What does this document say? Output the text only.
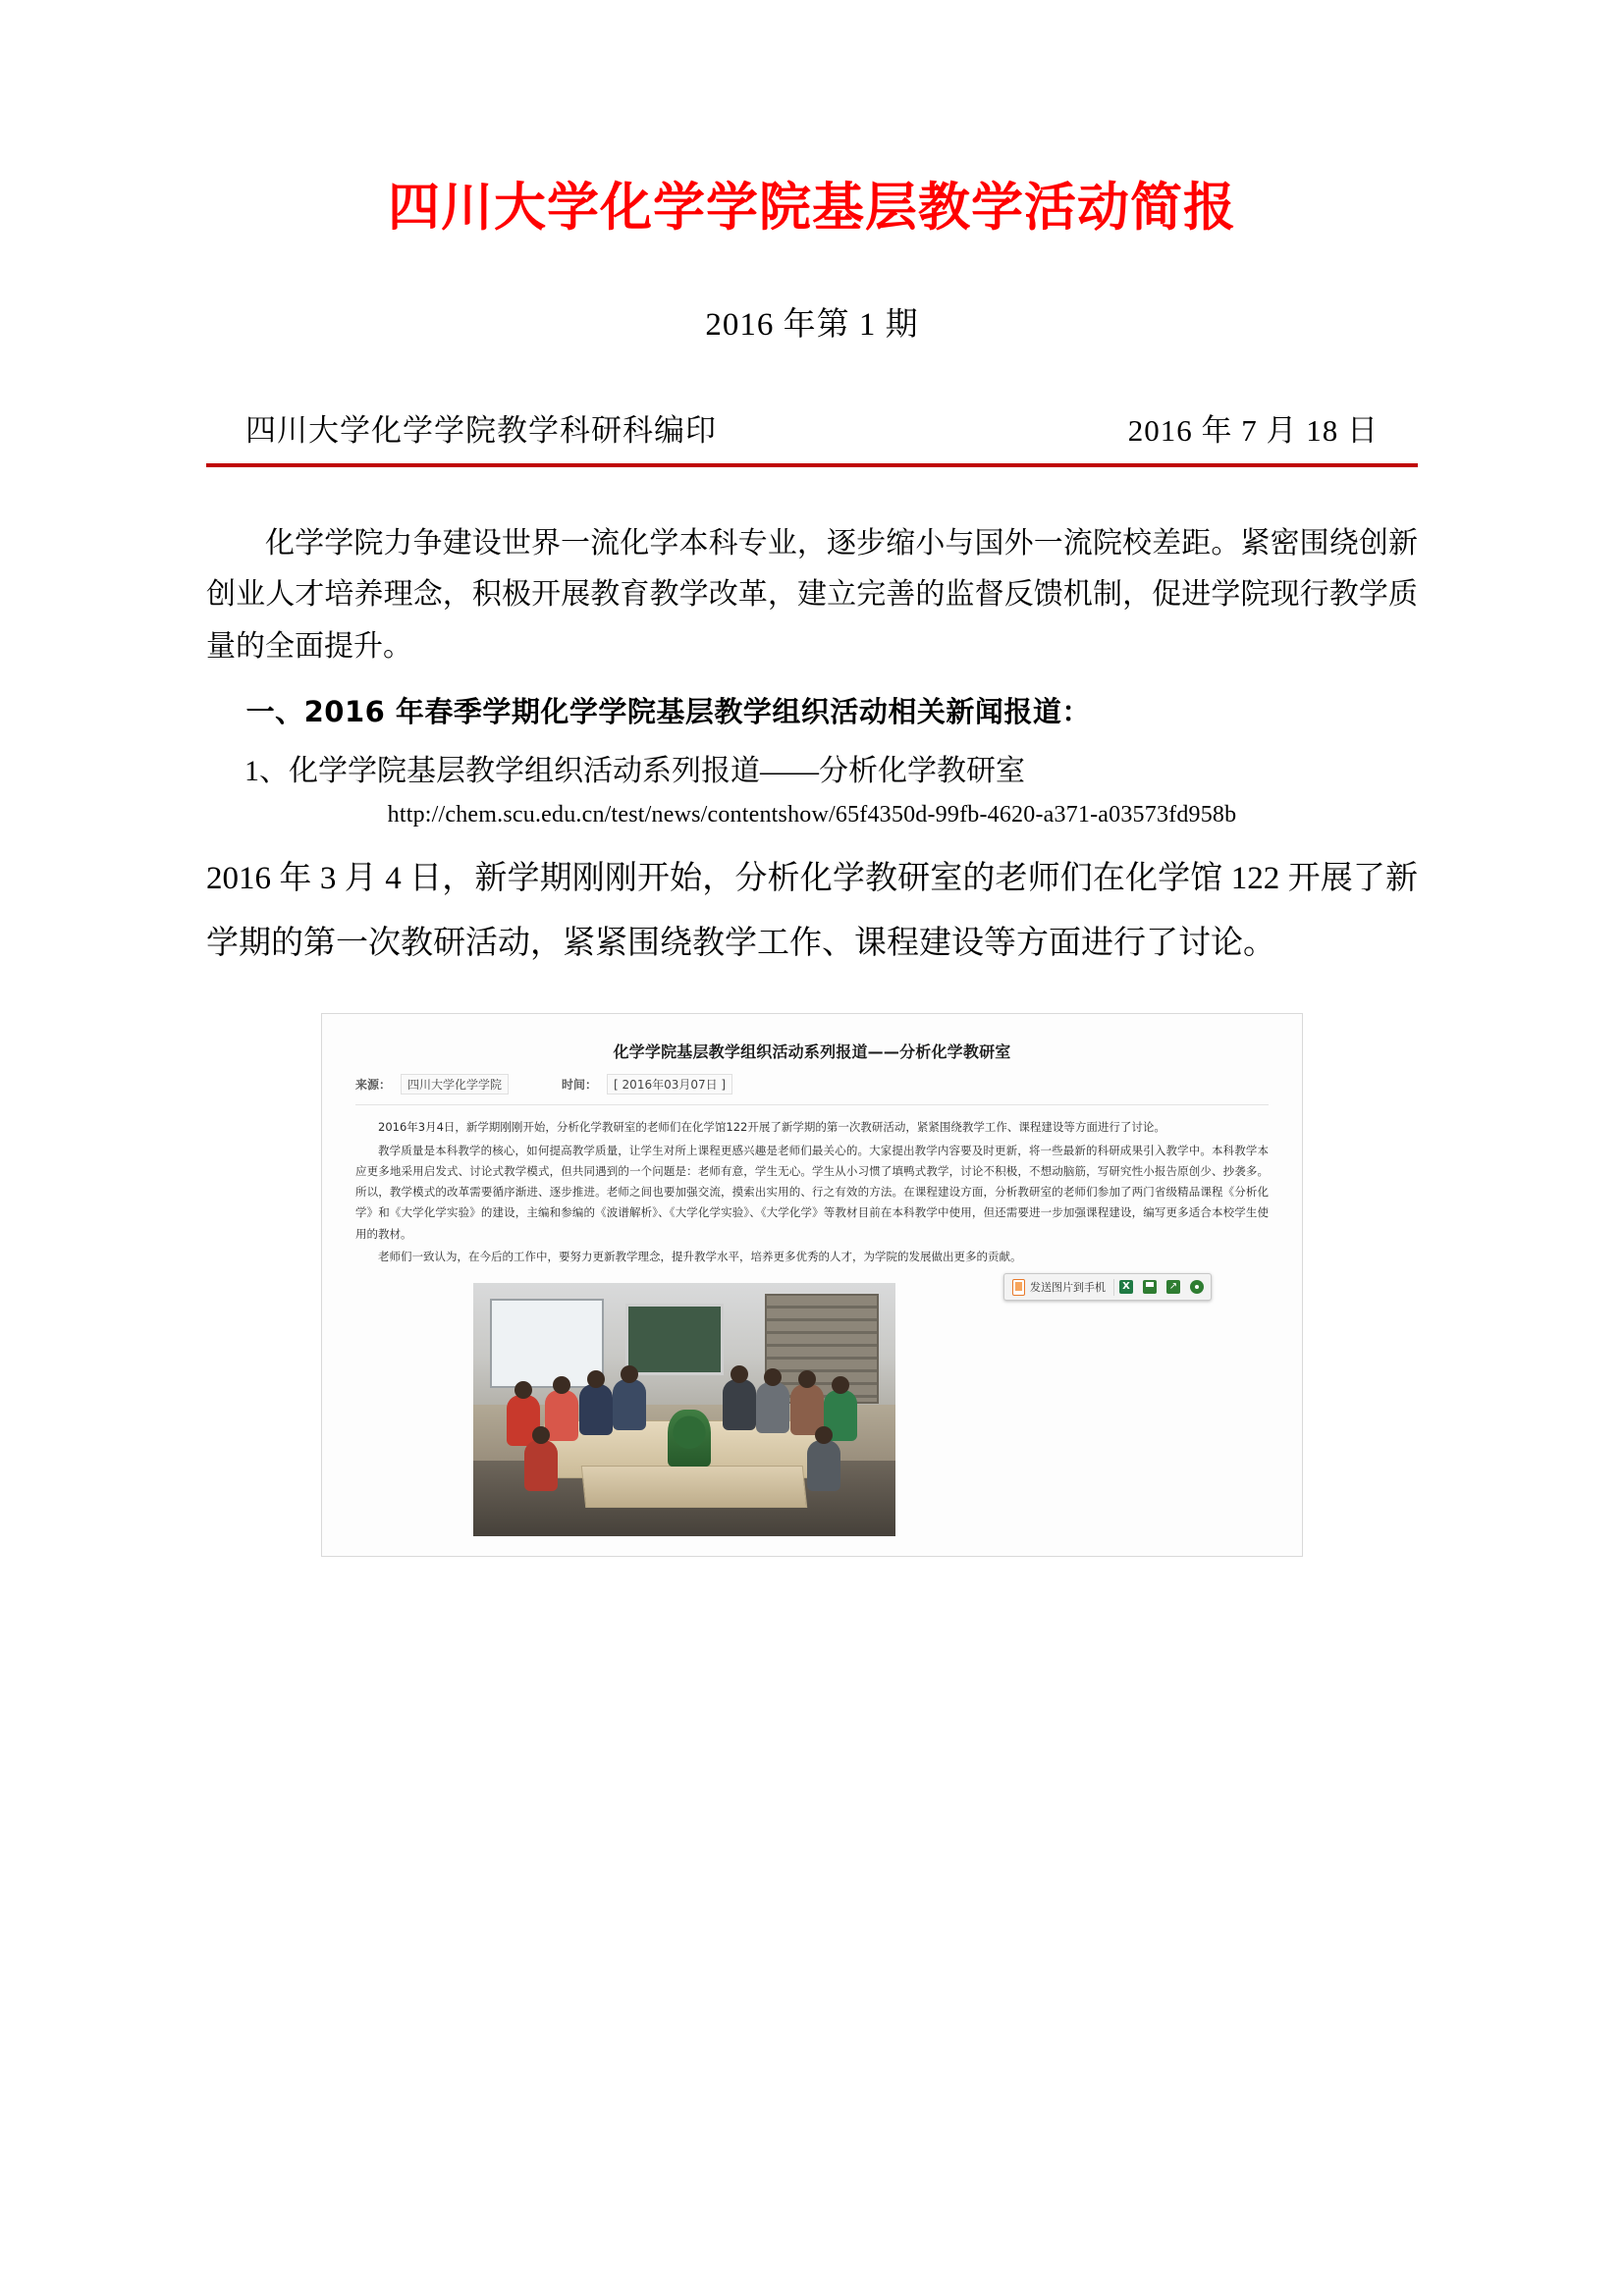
四川大学化学学院基层教学活动简报
2016 年第 1 期
四川大学化学学院教学科研科编印	2016 年 7 月 18 日

化学学院力争建设世界一流化学本科专业，逐步缩小与国外一流院校差距。紧密围绕创新创业人才培养理念，积极开展教育教学改革，建立完善的监督反馈机制，促进学院现行教学质量的全面提升。

一、2016 年春季学期化学学院基层教学组织活动相关新闻报道：

1、化学学院基层教学组织活动系列报道——分析化学教研室

http://chem.scu.edu.cn/test/news/contentshow/65f4350d-99fb-4620-a371-a03573fd958b

2016 年 3 月 4 日，新学期刚刚开始，分析化学教研室的老师们在化学馆 122 开展了新学期的第一次教研活动，紧紧围绕教学工作、课程建设等方面进行了讨论。

化学学院基层教学组织活动系列报道——分析化学教研室
来源：	四川大学化学学院	时间：	[ 2016年03月07日 ]

2016年3月4日，新学期刚刚开始，分析化学教研室的老师们在化学馆122开展了新学期的第一次教研活动，紧紧围绕教学工作、课程建设等方面进行了讨论。

教学质量是本科教学的核心，如何提高教学质量，让学生对所上课程更感兴趣是老师们最关心的。大家提出教学内容要及时更新，将一些最新的科研成果引入教学中。本科教学本应更多地采用启发式、讨论式教学模式，但共同遇到的一个问题是：老师有意，学生无心。学生从小习惯了填鸭式教学，讨论不积极，不想动脑筋，写研究性小报告原创少、抄袭多。所以，教学模式的改革需要循序渐进、逐步推进。老师之间也要加强交流，摸索出实用的、行之有效的方法。在课程建设方面，分析教研室的老师们参加了两门省级精品课程《分析化学》和《大学化学实验》的建设，主编和参编的《波谱解析》、《大学化学实验》、《大学化学》等教材目前在本科教学中使用，但还需要进一步加强课程建设，编写更多适合本校学生使用的教材。

老师们一致认为，在今后的工作中，要努力更新教学理念，提升教学水平，培养更多优秀的人才，为学院的发展做出更多的贡献。

发送图片到手机
X
↗
